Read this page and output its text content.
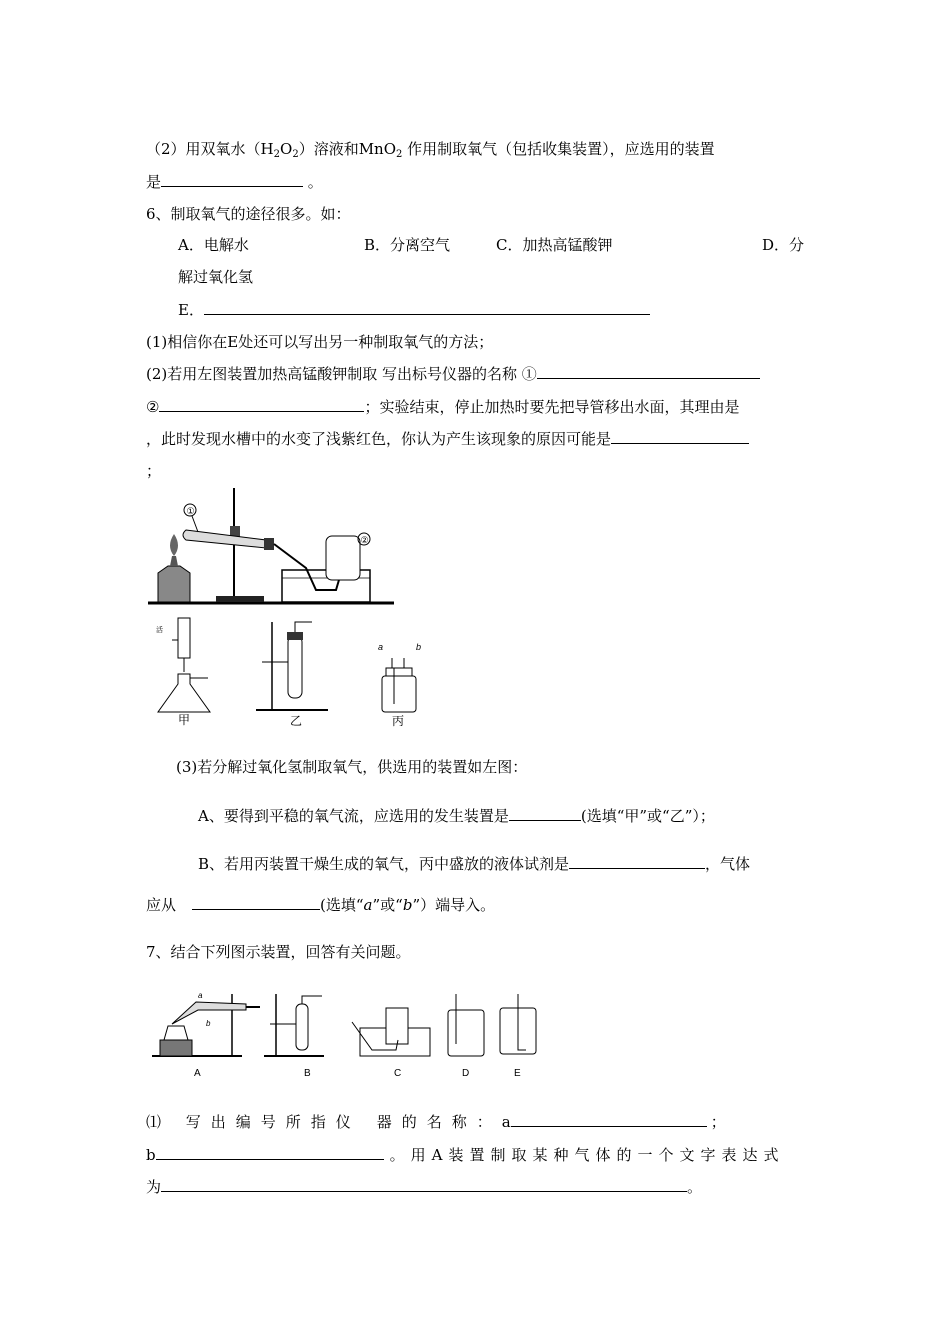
（2）用双氧水$(H_2O_2)$溶液和MnO$_2$ 作用制取氧气（包括收集装置），应选用的装置
是	。
6、制取氧气的途径很多。如：
A．电解水	B．分离空气	C．加热高锰酸钾	D．分
解过氧化氢
E．
(1)相信你在E处还可以写出另一种制取氧气的方法；
(2)若用左图装置加热高锰酸钾制取 写出标号仪器的名称 ①
②	；实验结束，停止加热时要先把导管移出水面，其理由是
，此时发现水槽中的水变了浅紫红色，你认为产生该现象的原因可能是
；
①
②
活
甲	乙
a	b
丙
(3)若分解过氧化氢制取氧气，供选用的装置如左图：
A、要得到平稳的氧气流，应选用的发生装置是	(选填“甲”或“乙”）；
B、若用丙装置干燥生成的氧气，丙中盛放的液体试剂是	，气体
应从	(选填“a”或“b”）端导入。
7、结合下列图示装置，回答有关问题。
a
b
A	B	C	D	E
⑴ 写出编号所指仪 器的名称：a	；
b	。用A装置制取某种气体的一个文字表达式
为	。
